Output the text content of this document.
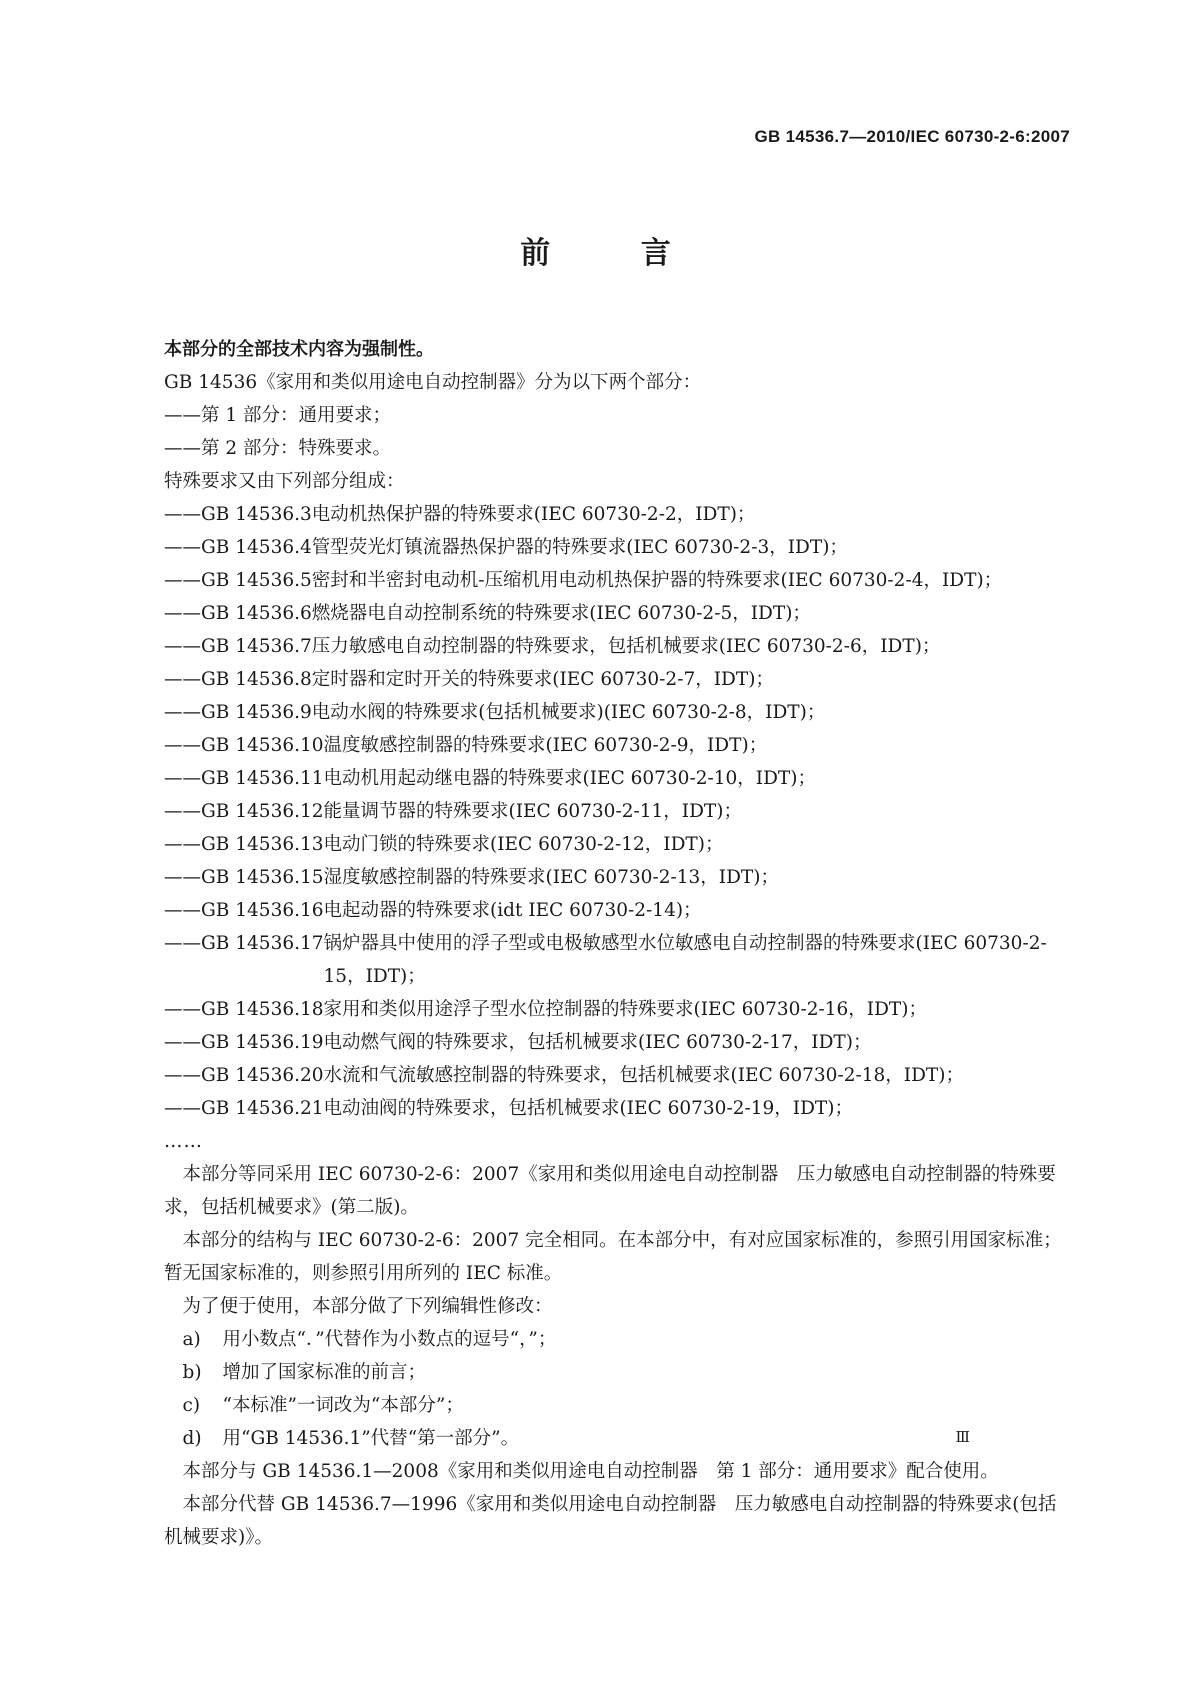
GB 14536.7—2010/IEC 60730-2-6:2007

前 言

本部分的全部技术内容为强制性。

GB 14536《家用和类似用途电自动控制器》分为以下两个部分：

——第 1 部分：通用要求；

——第 2 部分：特殊要求。

特殊要求又由下列部分组成：

——GB 14536.3 电动机热保护器的特殊要求(IEC 60730-2-2，IDT)；
——GB 14536.4 管型荧光灯镇流器热保护器的特殊要求(IEC 60730-2-3，IDT)；
——GB 14536.5 密封和半密封电动机-压缩机用电动机热保护器的特殊要求(IEC 60730-2-4，IDT)；
——GB 14536.6 燃烧器电自动控制系统的特殊要求(IEC 60730-2-5，IDT)；
——GB 14536.7 压力敏感电自动控制器的特殊要求，包括机械要求(IEC 60730-2-6，IDT)；
——GB 14536.8 定时器和定时开关的特殊要求(IEC 60730-2-7，IDT)；
——GB 14536.9 电动水阀的特殊要求(包括机械要求)(IEC 60730-2-8，IDT)；
——GB 14536.10 温度敏感控制器的特殊要求(IEC 60730-2-9，IDT)；
——GB 14536.11 电动机用起动继电器的特殊要求(IEC 60730-2-10，IDT)；
——GB 14536.12 能量调节器的特殊要求(IEC 60730-2-11，IDT)；
——GB 14536.13 电动门锁的特殊要求(IEC 60730-2-12，IDT)；
——GB 14536.15 湿度敏感控制器的特殊要求(IEC 60730-2-13，IDT)；
——GB 14536.16 电起动器的特殊要求(idt IEC 60730-2-14)；
——GB 14536.17 锅炉器具中使用的浮子型或电极敏感型水位敏感电自动控制器的特殊要求(IEC 60730-2-15，IDT)；
——GB 14536.18 家用和类似用途浮子型水位控制器的特殊要求(IEC 60730-2-16，IDT)；
——GB 14536.19 电动燃气阀的特殊要求，包括机械要求(IEC 60730-2-17，IDT)；
——GB 14536.20 水流和气流敏感控制器的特殊要求，包括机械要求(IEC 60730-2-18，IDT)；
——GB 14536.21 电动油阀的特殊要求，包括机械要求(IEC 60730-2-19，IDT)；

……

　本部分等同采用 IEC 60730-2-6：2007《家用和类似用途电自动控制器　压力敏感电自动控制器的特殊要求，包括机械要求》(第二版)。

　本部分的结构与 IEC 60730-2-6：2007 完全相同。在本部分中，有对应国家标准的，参照引用国家标准；暂无国家标准的，则参照引用所列的 IEC 标准。

　为了便于使用，本部分做了下列编辑性修改：

　a) 用小数点“．”代替作为小数点的逗号“，”；

　b) 增加了国家标准的前言；

　c) “本标准”一词改为“本部分”；

　d) 用“GB 14536.1”代替“第一部分”。

　本部分与 GB 14536.1—2008《家用和类似用途电自动控制器　第 1 部分：通用要求》配合使用。

　本部分代替 GB 14536.7—1996《家用和类似用途电自动控制器　压力敏感电自动控制器的特殊要求(包括机械要求)》。

Ⅲ
